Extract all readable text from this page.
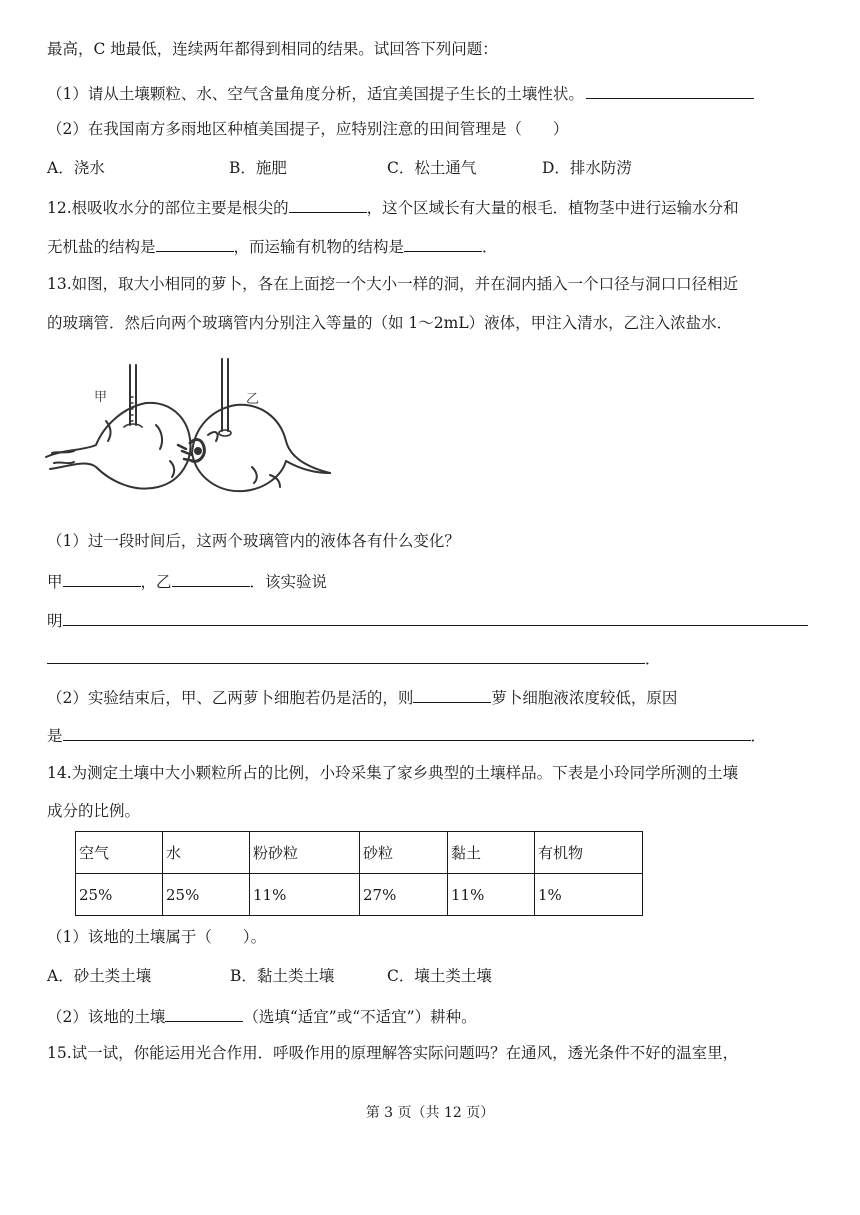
最高，C 地最低，连续两年都得到相同的结果。试回答下列问题：
（1）请从土壤颗粒、水、空气含量角度分析，适宜美国提子生长的土壤性状。
（2）在我国南方多雨地区种植美国提子，应特别注意的田间管理是（　　）
A．浇水	B．施肥	C．松土通气	D．排水防涝
12.根吸收水分的部位主要是根尖的	，这个区域长有大量的根毛．植物茎中进行运输水分和
无机盐的结构是	，而运输有机物的结构是	．
13.如图，取大小相同的萝卜，各在上面挖一个大小一样的洞，并在洞内插入一个口径与洞口口径相近
的玻璃管．然后向两个玻璃管内分别注入等量的（如 1～2mL）液体，甲注入清水，乙注入浓盐水．
甲	乙
（1）过一段时间后，这两个玻璃管内的液体各有什么变化？
甲	，乙	．该实验说
明
．
（2）实验结束后，甲、乙两萝卜细胞若仍是活的，则	萝卜细胞液浓度较低，原因
是	．
14.为测定土壤中大小颗粒所占的比例，小玲采集了家乡典型的土壤样品。下表是小玲同学所测的土壤
成分的比例。
空气	水	粉砂粒	砂粒	黏土	有机物
25%	25%	11%	27%	11%	1%
（1）该地的土壤属于（　　）。
A．砂土类土壤	B．黏土类土壤	C．壤土类土壤
（2）该地的土壤	（选填“适宜”或“不适宜”）耕种。
15.试一试，你能运用光合作用．呼吸作用的原理解答实际问题吗？在通风，透光条件不好的温室里，
第 3 页（共 12 页）
